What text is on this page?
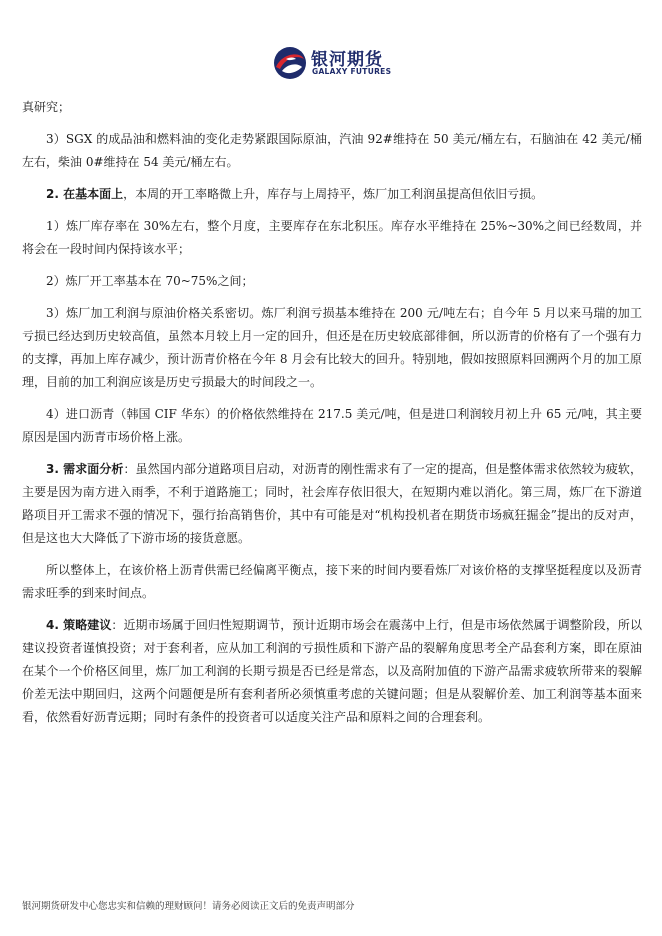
银河期货
GALAXY FUTURES

真研究；

3）SGX 的成品油和燃料油的变化走势紧跟国际原油，汽油 92#维持在 50 美元/桶左右，石脑油在 42 美元/桶左右，柴油 0#维持在 54 美元/桶左右。

2. 在基本面上，本周的开工率略微上升，库存与上周持平，炼厂加工利润虽提高但依旧亏损。

1）炼厂库存率在 30%左右，整个月度，主要库存在东北积压。库存水平维持在 25%~30%之间已经数周，并将会在一段时间内保持该水平；

2）炼厂开工率基本在 70~75%之间；

3）炼厂加工利润与原油价格关系密切。炼厂利润亏损基本维持在 200 元/吨左右；自今年 5 月以来马瑞的加工亏损已经达到历史较高值，虽然本月较上月一定的回升，但还是在历史较底部徘徊，所以沥青的价格有了一个强有力的支撑，再加上库存减少，预计沥青价格在今年 8 月会有比较大的回升。特别地，假如按照原料回溯两个月的加工原理，目前的加工利润应该是历史亏损最大的时间段之一。

4）进口沥青（韩国 CIF 华东）的价格依然维持在 217.5 美元/吨，但是进口利润较月初上升 65 元/吨，其主要原因是国内沥青市场价格上涨。

3. 需求面分析：虽然国内部分道路项目启动，对沥青的刚性需求有了一定的提高，但是整体需求依然较为疲软，主要是因为南方进入雨季，不利于道路施工；同时，社会库存依旧很大，在短期内难以消化。第三周，炼厂在下游道路项目开工需求不强的情况下，强行抬高销售价，其中有可能是对“机构投机者在期货市场疯狂掘金”提出的反对声，但是这也大大降低了下游市场的接货意愿。

所以整体上，在该价格上沥青供需已经偏离平衡点，接下来的时间内要看炼厂对该价格的支撑坚挺程度以及沥青需求旺季的到来时间点。

4. 策略建议：近期市场属于回归性短期调节，预计近期市场会在震荡中上行，但是市场依然属于调整阶段，所以建议投资者谨慎投资；对于套利者，应从加工利润的亏损性质和下游产品的裂解角度思考全产品套利方案，即在原油在某个一个价格区间里，炼厂加工利润的长期亏损是否已经是常态，以及高附加值的下游产品需求疲软所带来的裂解价差无法中期回归，这两个问题便是所有套利者所必须慎重考虑的关键问题；但是从裂解价差、加工利润等基本面来看，依然看好沥青远期；同时有条件的投资者可以适度关注产品和原料之间的合理套利。

银河期货研发中心您忠实和信赖的理财顾问！请务必阅读正文后的免责声明部分
